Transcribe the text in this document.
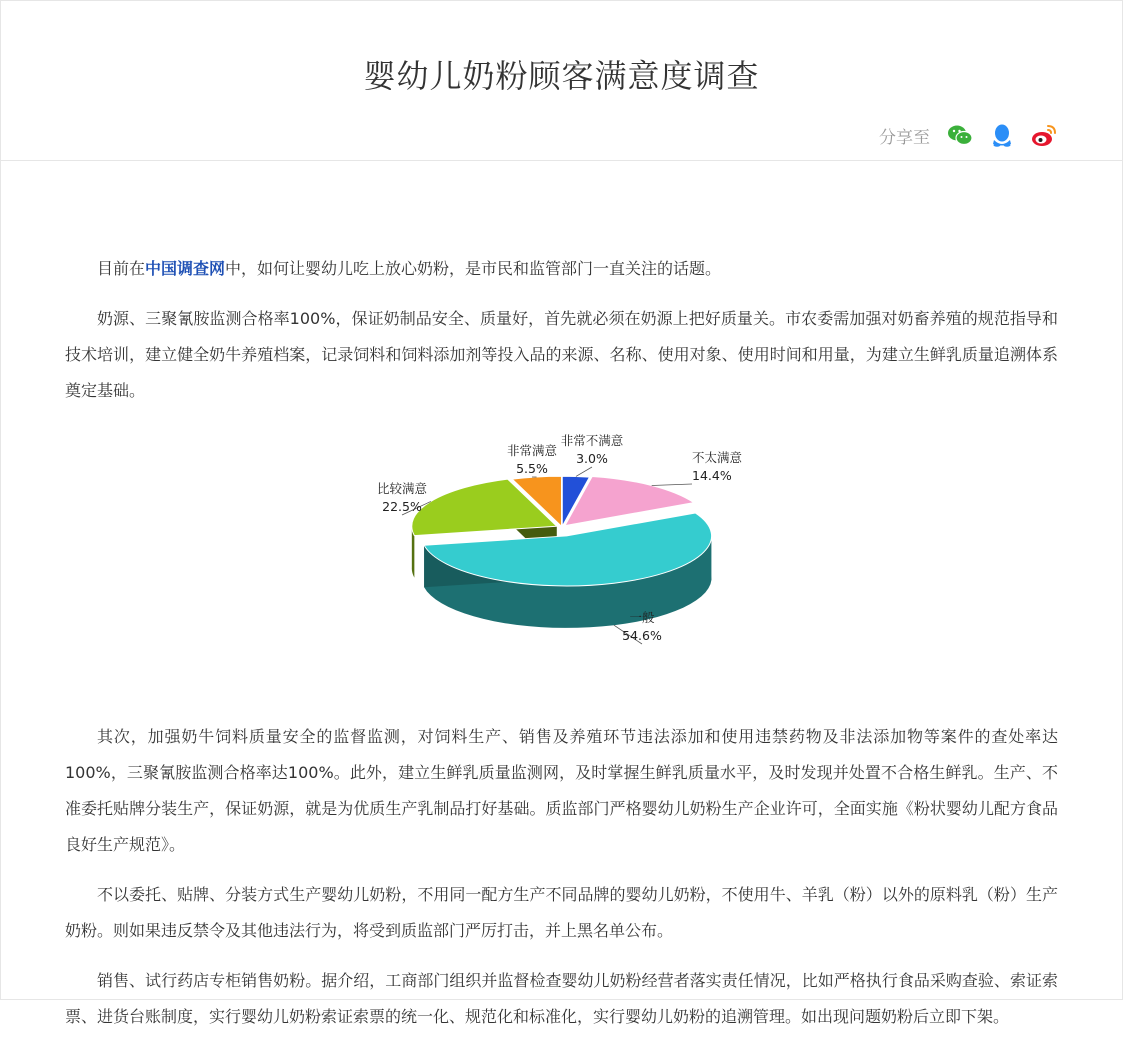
婴幼儿奶粉顾客满意度调查
分享至

目前在中国调查网中，如何让婴幼儿吃上放心奶粉，是市民和监管部门一直关注的话题。

奶源、三聚氰胺监测合格率100%，保证奶制品安全、质量好，首先就必须在奶源上把好质量关。市农委需加强对奶畜养殖的规范指导和技术培训，建立健全奶牛养殖档案，记录饲料和饲料添加剂等投入品的来源、名称、使用对象、使用时间和用量，为建立生鲜乳质量追溯体系奠定基础。

非常不满意
3.0%	不太满意
14.4%
一般
54.6%
比较满意
22.5%
非常满意
5.5%

其次，加强奶牛饲料质量安全的监督监测，对饲料生产、销售及养殖环节违法添加和使用违禁药物及非法添加物等案件的查处率达100%，三聚氰胺监测合格率达100%。此外，建立生鲜乳质量监测网，及时掌握生鲜乳质量水平，及时发现并处置不合格生鲜乳。生产、不准委托贴牌分装生产，保证奶源，就是为优质生产乳制品打好基础。质监部门严格婴幼儿奶粉生产企业许可，全面实施《粉状婴幼儿配方食品良好生产规范》。

不以委托、贴牌、分装方式生产婴幼儿奶粉，不用同一配方生产不同品牌的婴幼儿奶粉，不使用牛、羊乳（粉）以外的原料乳（粉）生产奶粉。则如果违反禁令及其他违法行为，将受到质监部门严厉打击，并上黑名单公布。

销售、试行药店专柜销售奶粉。据介绍，工商部门组织并监督检查婴幼儿奶粉经营者落实责任情况，比如严格执行食品采购查验、索证索票、进货台账制度，实行婴幼儿奶粉索证索票的统一化、规范化和标准化，实行婴幼儿奶粉的追溯管理。如出现问题奶粉后立即下架。
